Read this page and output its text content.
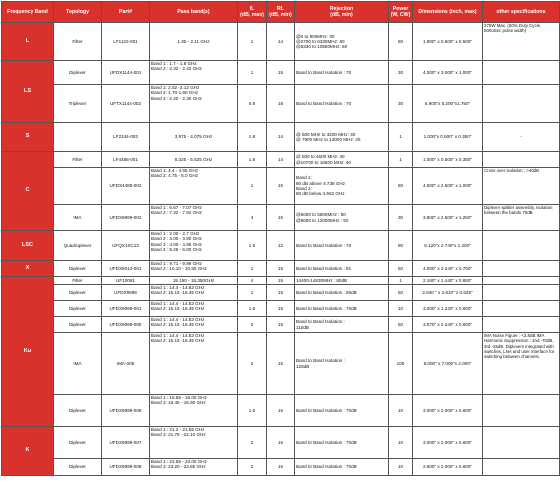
Frequency Band	Topology	Part#	Pass band(s)	IL
(dB, max)	RL
(dB, min)	Rejection
(dB, min)	Power
(W, CW)	Dimensions (inch, max)	other specifications
L	Filter	LF1122-001	1.35 - 2.11 GHz	1	14	@0 to 900MHz: 30
@2700 to 6330MHz: 60
@6330 to 10550MHz: 50	50	1.900" x 0.500" x 0.500"	275W Max. (50% Duty Cycle, 500uSec pulse width)
LS	Diplexer	UFDX1144-001	Band 1 : 1.7 - 1.8 GHz
Band 2 : 2.32 - 2.42 GHz	1	15	Band to Band Isolation : 70	30	4.000" x 3.000" x 1.000"	

	Triplexer	UFTX1144-002	Band 1: 2.02 -2.12 GHz
Band 2: 1.70-1.80 GHz
Band 3 : 2.20 - 2.30 GHz	0.8	18	Band to Band Isolation : 70	30	6.900"x 5.200"x1.750"	

S		LF2244-002	3.975 - 4.075 GHz	1.8	14	@ 500 MHz to 3200 MHz: 40
@ 7900 MHz to 13000 MHz: 40	1	1.000"x 0.500" x 0.350"	-
C	Filter	LF4488-001	5.325 - 5.525 GHz	1.8	14	@ 500 to 4500 MHz: 40
@10700 to 16500 MHz: 40	1	1.000" x 0.500" x 0.350"	

		UFDX4488-002	Band 1: 4.4 - 4.65 GHz
Band 2: 4.75 - 5.0 GHz	1	15	Band 1:
80 dB above 4.738 GHz
Band 2:
80 dB below 4.662 GHz	50	4.500" x 2.500" x 1.000"	Cross over isolation : >40dB

	IMA	UFDX9999-002	Band 1 : 6.67 - 7.07 GHz
Band 2 : 7.32 - 7.92 GHz	4	15	@5000 to 5800MHz : 50
@9000 to 12000MHz : 50	30	3.800" x 2.500" x 1.250"	Diplexer splitter assembly. Isolation between the bands 70dB
LSC	Quadruplexer	UFQX1SC12	Band 1 : 2.00 - 2.7 GHz
Band 2 : 3.00 - 3.90 GHz
Band 3 : 4.00 - 4.95 GHz
Band 4 : 5.25 - 6.00 GHz	1.5	12	Band to Band Isolation : 70	80	5.120"x 2.740"x 1.200"	

X	Diplexer	UFDX8012-001	Band 1 : 9.71 - 9.99 GHz
Band 2 : 10.10 - 10.50 GHz	1	15	Band to Band Isolation : 81	50	4.000" x 3.240" x 0.700"	

Ku	Filter	UF10081	15.150 - 15.350GHz	4	15	14400-14830MHz : 80dB	1	2.160" x 1.440" x 0.650"	

	Diplexer	UFDX9999	Band 1 : 14.4 - 14.83 GHz
Band 2: 15.15 -15.35 GHz	1	15	Band to Band Isolation : 80dB	50	2.930 " x 2.810" x 0.625"	

	Diplexer	UFDX9999-001	Band 1 : 14.4 - 14.83 GHz
Band 2: 15.15 -15.35 GHz	1.5	15	Band to Band Isolation : 70dB	10	3.000" x 1.220" x 0.600"	

	Diplexer	UFDX9999-005	Band 1 : 14.4 - 14.83 GHz
Band 2: 15.15 -15.35 GHz	2	15	Band to Band Isolation :
110dB	50	3.070" x 2.240" x 0.600"	

	IMA	IMA-005	Band 1 : 14.4 - 14.83 GHz
Band 2: 15.15 -15.35 GHz	2	15	Band to Band Isolation :
125dB	100	9.000" x 7.000"x 4.000"	IMA Noise Figure : <3.8dB IMA Harmonic Suppression : 2nd -70dB, 3rd -25dB. Diplexers integrated with switches, LNA and user interface for switching between channels.

	Diplexer	UFDX9999-006	Band 1 : 15.55 - 16.00 GHz
Band 2: 16.45 - 16.90 GHz	1.5	15	Band to Band Isolation : 70dB	10	3.000" x 2.000" x 0.600"	

K	Diplexer	UFDX9999-007	Band 1 : 21.2 - 21.55 GHz
Band 2: 21.75 - 22.10 GHz	2	15	Band to Band Isolation : 70dB	10	3.000" x 2.000" x 0.600"	

	Diplexer	UFDX9999-008	Band 1 : 22.55 - 23.00 GHz
Band 2: 23.20 - 23.65 GHz	2	15	Band to Band Isolation : 70dB	10	2.600" x 2.000" x 0.600"	
